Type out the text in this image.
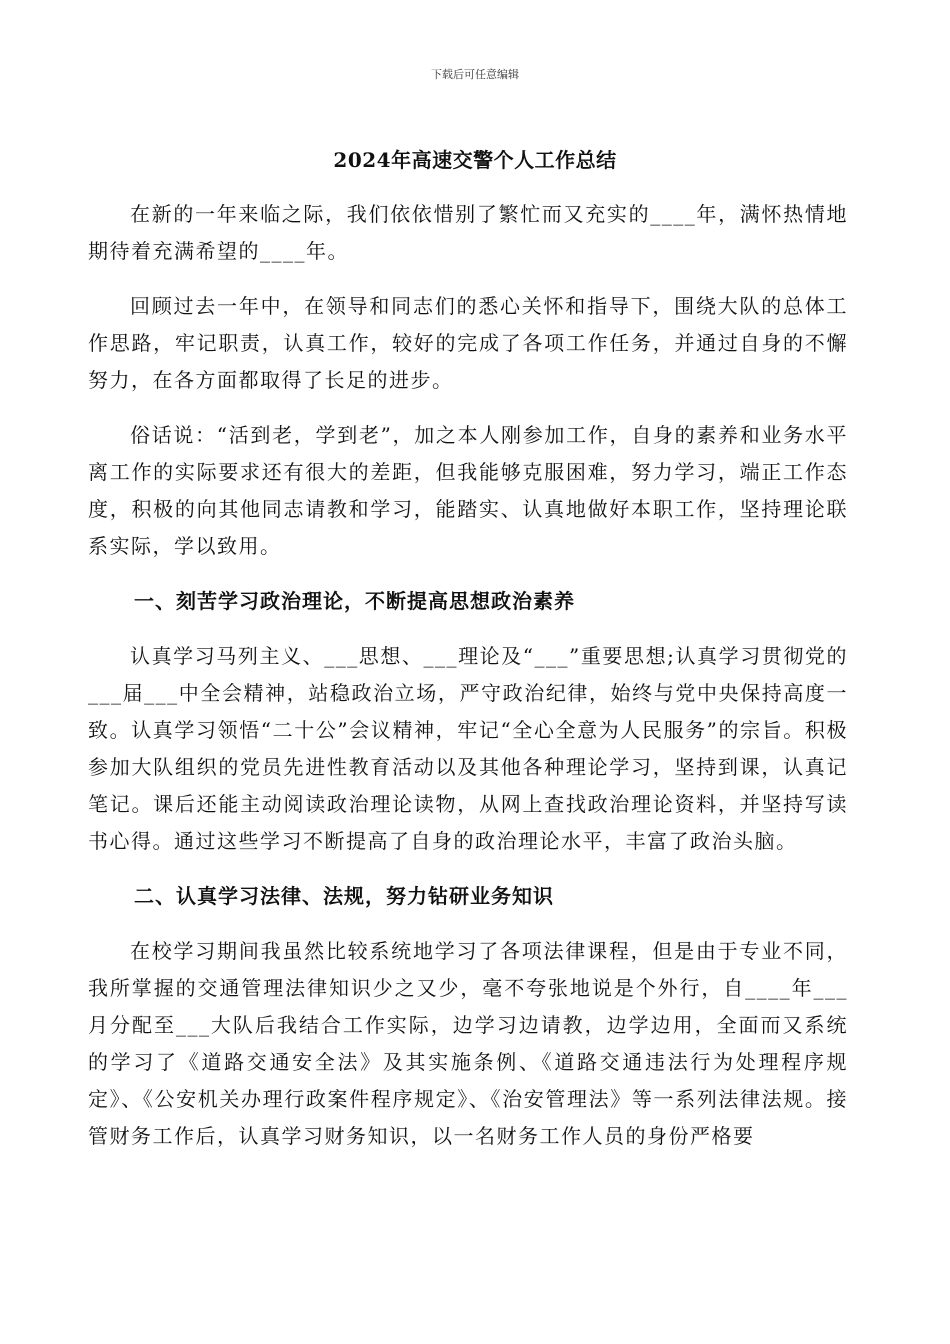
下载后可任意编辑
2024年高速交警个人工作总结

在新的一年来临之际，我们依依惜别了繁忙而又充实的____年，满怀热情地期待着充满希望的____年。

回顾过去一年中，在领导和同志们的悉心关怀和指导下，围绕大队的总体工作思路，牢记职责，认真工作，较好的完成了各项工作任务，并通过自身的不懈努力，在各方面都取得了长足的进步。

俗话说：“活到老，学到老”，加之本人刚参加工作，自身的素养和业务水平离工作的实际要求还有很大的差距，但我能够克服困难，努力学习，端正工作态度，积极的向其他同志请教和学习，能踏实、认真地做好本职工作，坚持理论联系实际，学以致用。

一、刻苦学习政治理论，不断提高思想政治素养

认真学习马列主义、___思想、___理论及“___”重要思想;认真学习贯彻党的___届___中全会精神，站稳政治立场，严守政治纪律，始终与党中央保持高度一致。认真学习领悟“二十公”会议精神，牢记“全心全意为人民服务”的宗旨。积极参加大队组织的党员先进性教育活动以及其他各种理论学习，坚持到课，认真记笔记。课后还能主动阅读政治理论读物，从网上查找政治理论资料，并坚持写读书心得。通过这些学习不断提高了自身的政治理论水平，丰富了政治头脑。

二、认真学习法律、法规，努力钻研业务知识

在校学习期间我虽然比较系统地学习了各项法律课程，但是由于专业不同，我所掌握的交通管理法律知识少之又少，毫不夸张地说是个外行，自____年___月分配至___大队后我结合工作实际，边学习边请教，边学边用，全面而又系统的学习了《道路交通安全法》及其实施条例、《道路交通违法行为处理程序规定》、《公安机关办理行政案件程序规定》、《治安管理法》等一系列法律法规。接管财务工作后，认真学习财务知识，以一名财务工作人员的身份严格要
